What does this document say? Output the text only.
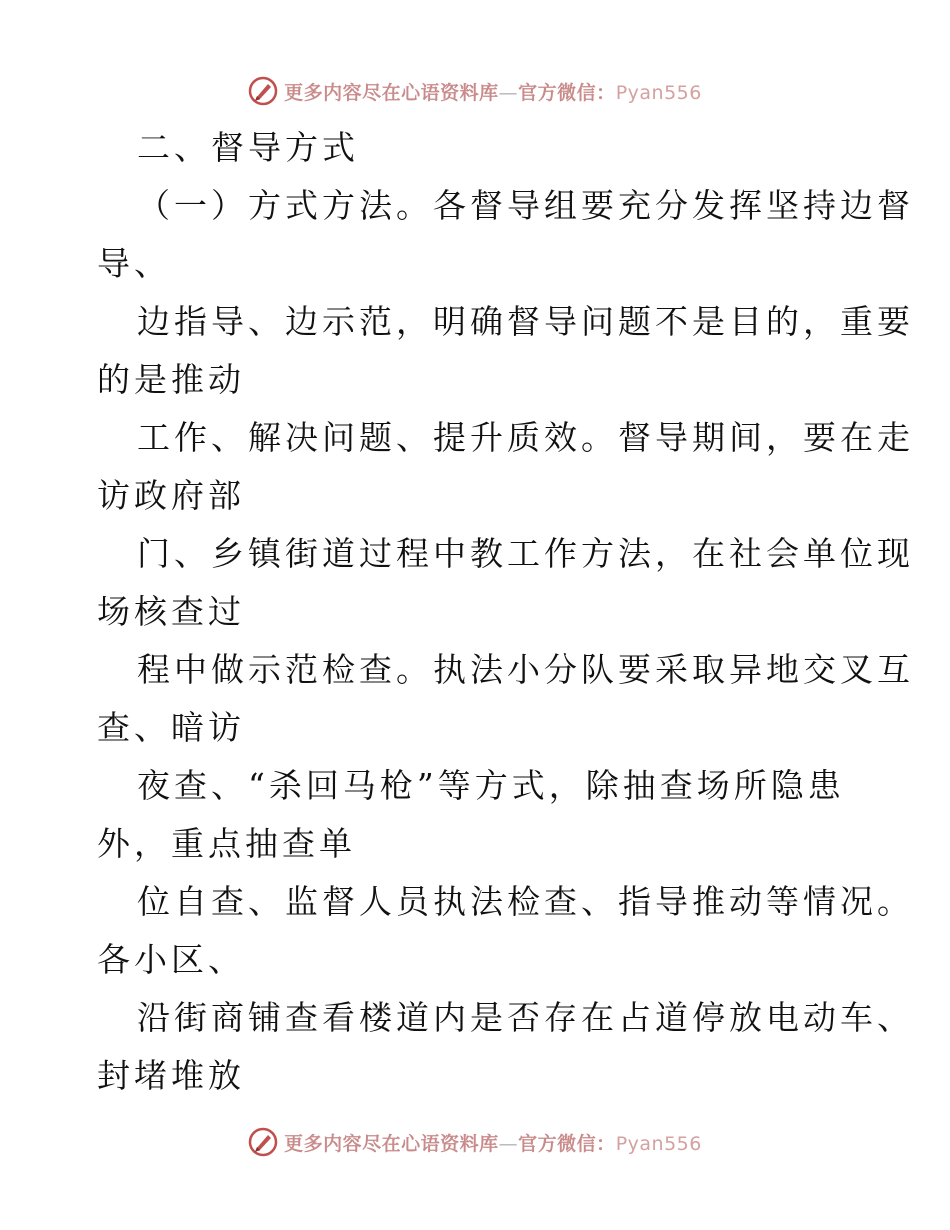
更多内容尽在心语资料库—官方微信：Pyan556
二、督导方式
（一）方式方法。各督导组要充分发挥坚持边督
导、
边指导、边示范，明确督导问题不是目的，重要
的是推动
工作、解决问题、提升质效。督导期间，要在走
访政府部
门、乡镇街道过程中教工作方法，在社会单位现
场核查过
程中做示范检查。执法小分队要采取异地交叉互
查、暗访
夜查、“杀回马枪”等方式，除抽查场所隐患
外，重点抽查单
位自查、监督人员执法检查、指导推动等情况。
各小区、
沿街商铺查看楼道内是否存在占道停放电动车、
封堵堆放
更多内容尽在心语资料库—官方微信：Pyan556
